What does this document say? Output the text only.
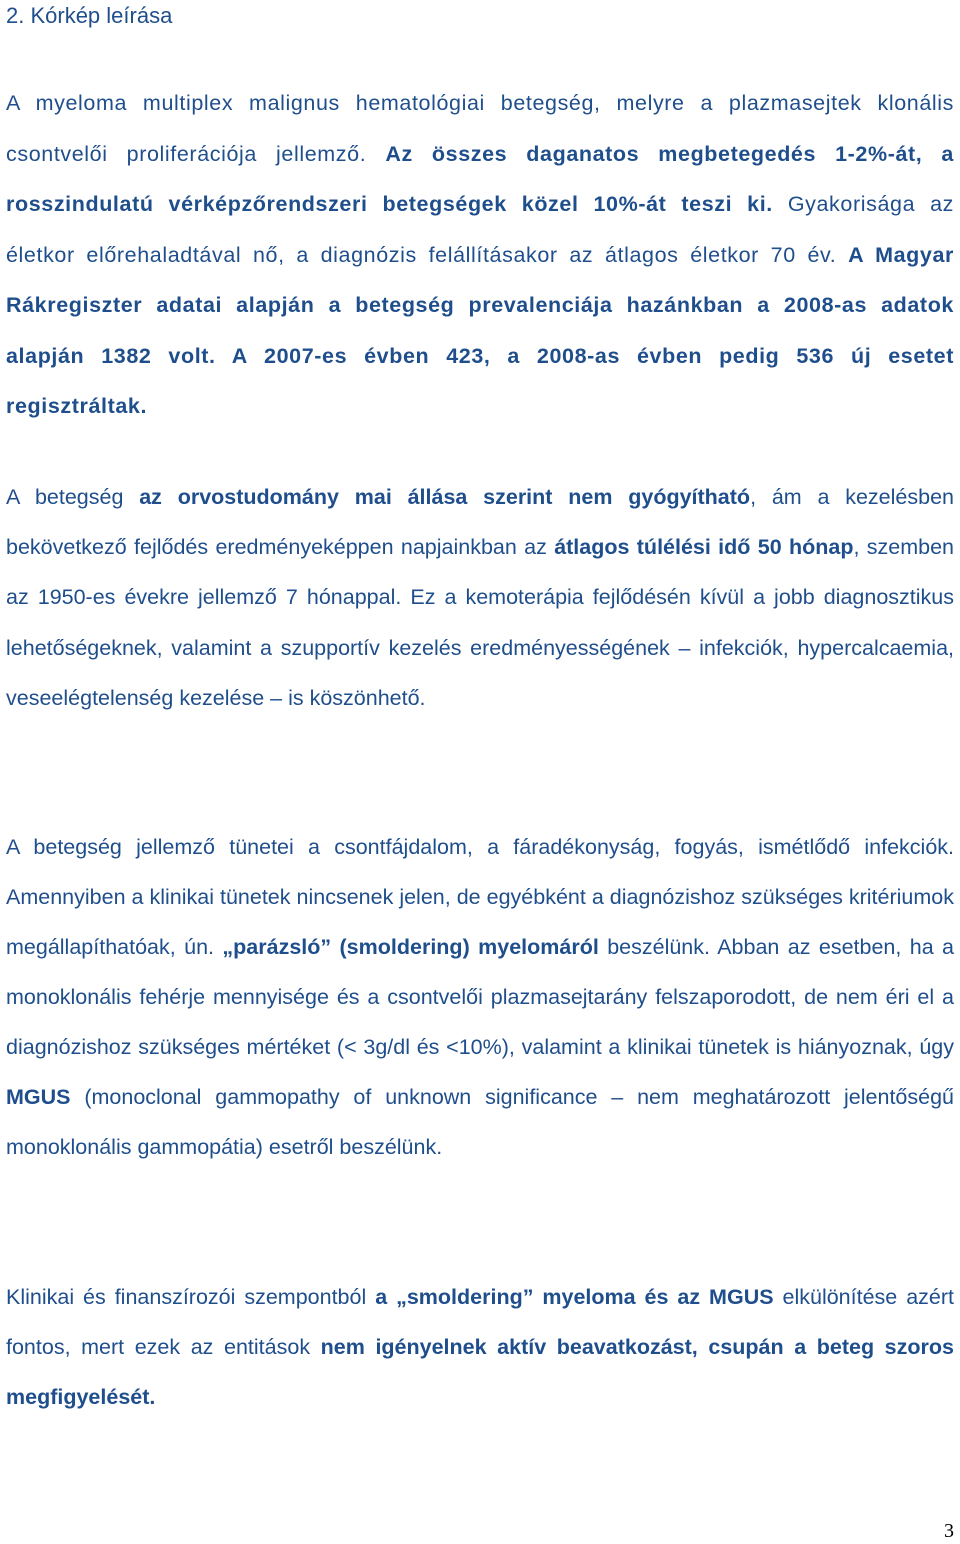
2. Kórkép leírása

A myeloma multiplex malignus hematológiai betegség, melyre a plazmasejtek klonális csontvelői proliferációja jellemző. Az összes daganatos megbetegedés 1-2%-át, a rosszindulatú vérképzőrendszeri betegségek közel 10%-át teszi ki. Gyakorisága az életkor előrehaladtával nő, a diagnózis felállításakor az átlagos életkor 70 év. A Magyar Rákregiszter adatai alapján a betegség prevalenciája hazánkban a 2008-as adatok alapján 1382 volt. A 2007-es évben 423, a 2008-as évben pedig 536 új esetet regisztráltak.

A betegség az orvostudomány mai állása szerint nem gyógyítható, ám a kezelésben bekövetkező fejlődés eredményeképpen napjainkban az átlagos túlélési idő 50 hónap, szemben az 1950-es évekre jellemző 7 hónappal. Ez a kemoterápia fejlődésén kívül a jobb diagnosztikus lehetőségeknek, valamint a szupportív kezelés eredményességének – infekciók, hypercalcaemia, veseelégtelenség kezelése – is köszönhető.

A betegség jellemző tünetei a csontfájdalom, a fáradékonyság, fogyás, ismétlődő infekciók. Amennyiben a klinikai tünetek nincsenek jelen, de egyébként a diagnózishoz szükséges kritériumok megállapíthatóak, ún. „parázsló” (smoldering) myelomáról beszélünk. Abban az esetben, ha a monoklonális fehérje mennyisége és a csontvelői plazmasejtarány felszaporodott, de nem éri el a diagnózishoz szükséges mértéket (< 3g/dl és <10%), valamint a klinikai tünetek is hiányoznak, úgy MGUS (monoclonal gammopathy of unknown significance – nem meghatározott jelentőségű monoklonális gammopátia) esetről beszélünk.

Klinikai és finanszírozói szempontból a „smoldering” myeloma és az MGUS elkülönítése azért fontos, mert ezek az entitások nem igényelnek aktív beavatkozást, csupán a beteg szoros megfigyelését.

3
